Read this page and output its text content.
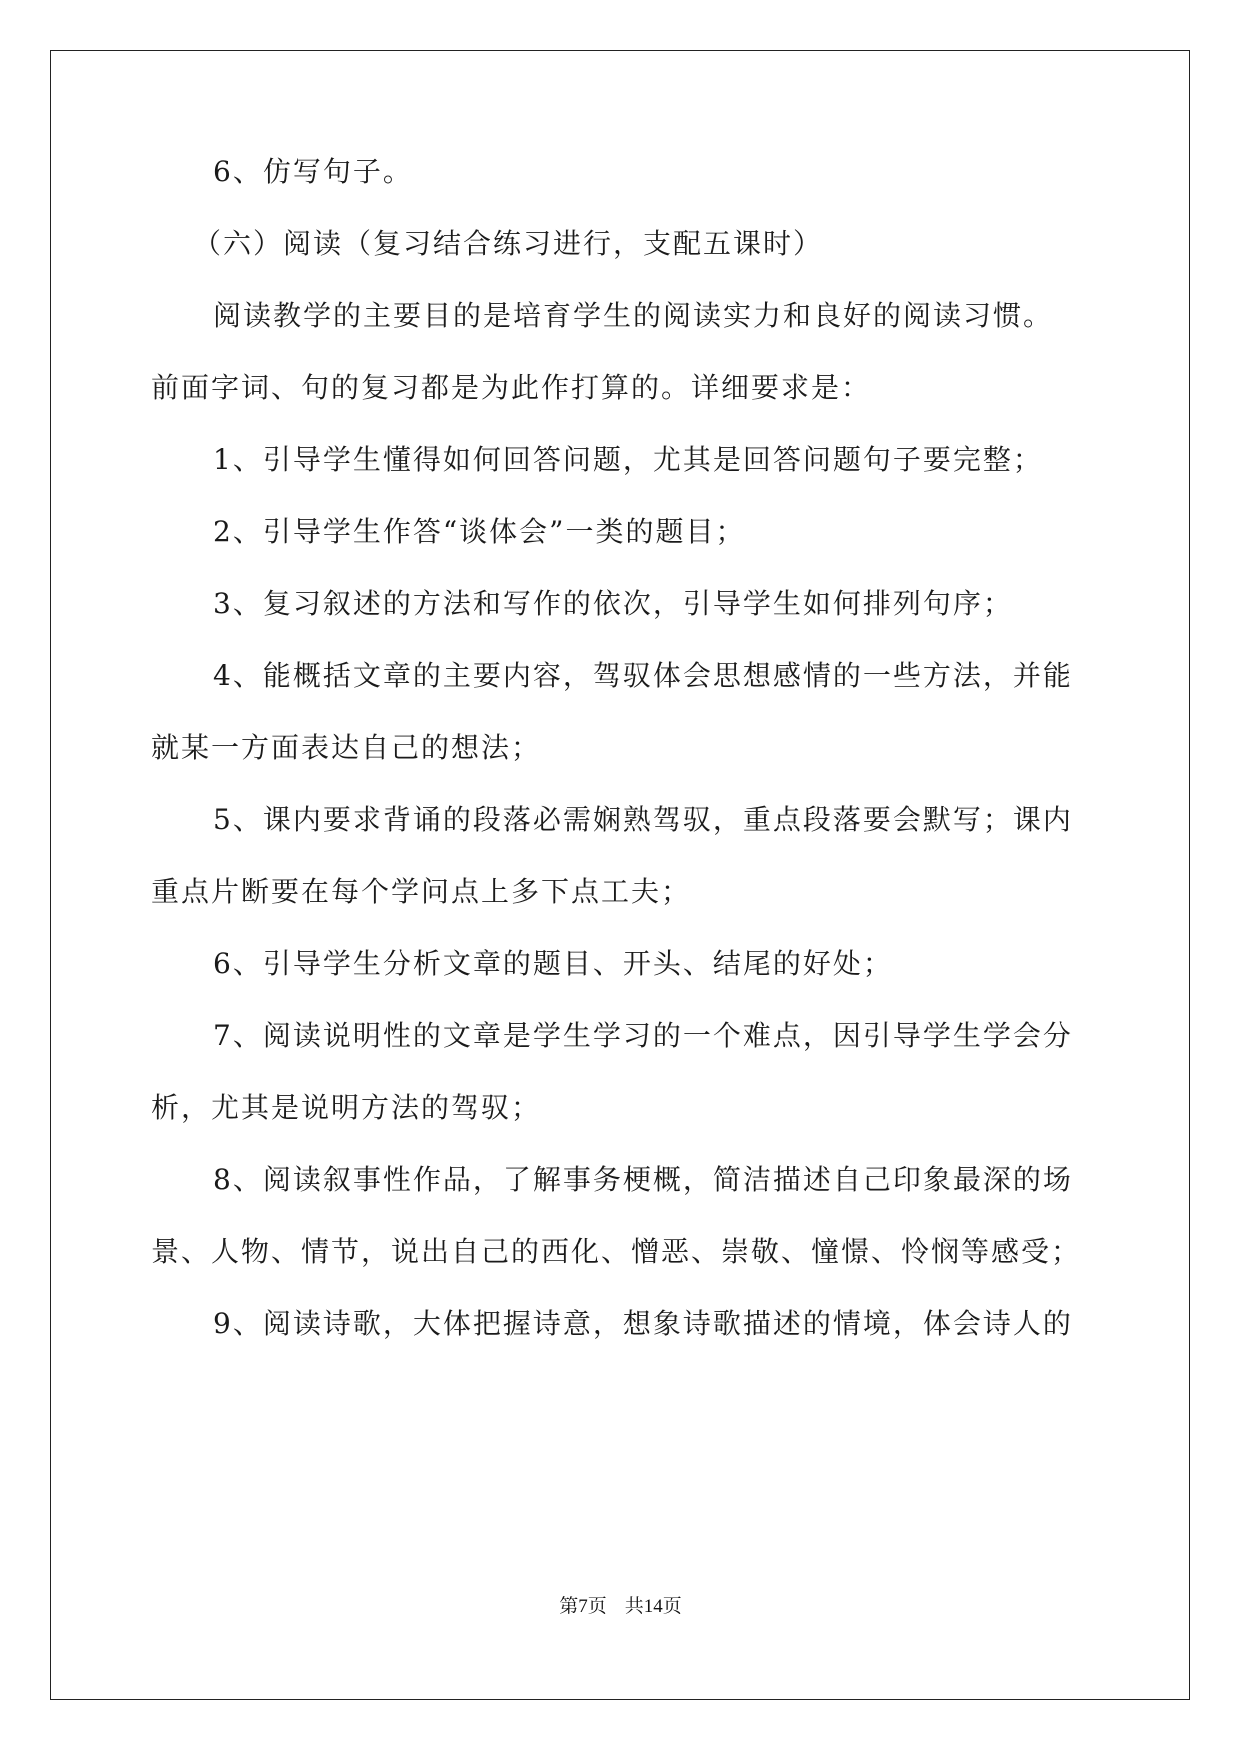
6、仿写句子。
（六）阅读（复习结合练习进行，支配五课时）
阅读教学的主要目的是培育学生的阅读实力和良好的阅读习惯。
前面字词、句的复习都是为此作打算的。详细要求是：
1、引导学生懂得如何回答问题，尤其是回答问题句子要完整；
2、引导学生作答“谈体会”一类的题目；
3、复习叙述的方法和写作的依次，引导学生如何排列句序；
4、能概括文章的主要内容，驾驭体会思想感情的一些方法，并能
就某一方面表达自己的想法；
5、课内要求背诵的段落必需娴熟驾驭，重点段落要会默写；课内
重点片断要在每个学问点上多下点工夫；
6、引导学生分析文章的题目、开头、结尾的好处；
7、阅读说明性的文章是学生学习的一个难点，因引导学生学会分
析，尤其是说明方法的驾驭；
8、阅读叙事性作品，了解事务梗概，简洁描述自己印象最深的场
景、人物、情节，说出自己的西化、憎恶、崇敬、憧憬、怜悯等感受；
9、阅读诗歌，大体把握诗意，想象诗歌描述的情境，体会诗人的
第7页 共14页
